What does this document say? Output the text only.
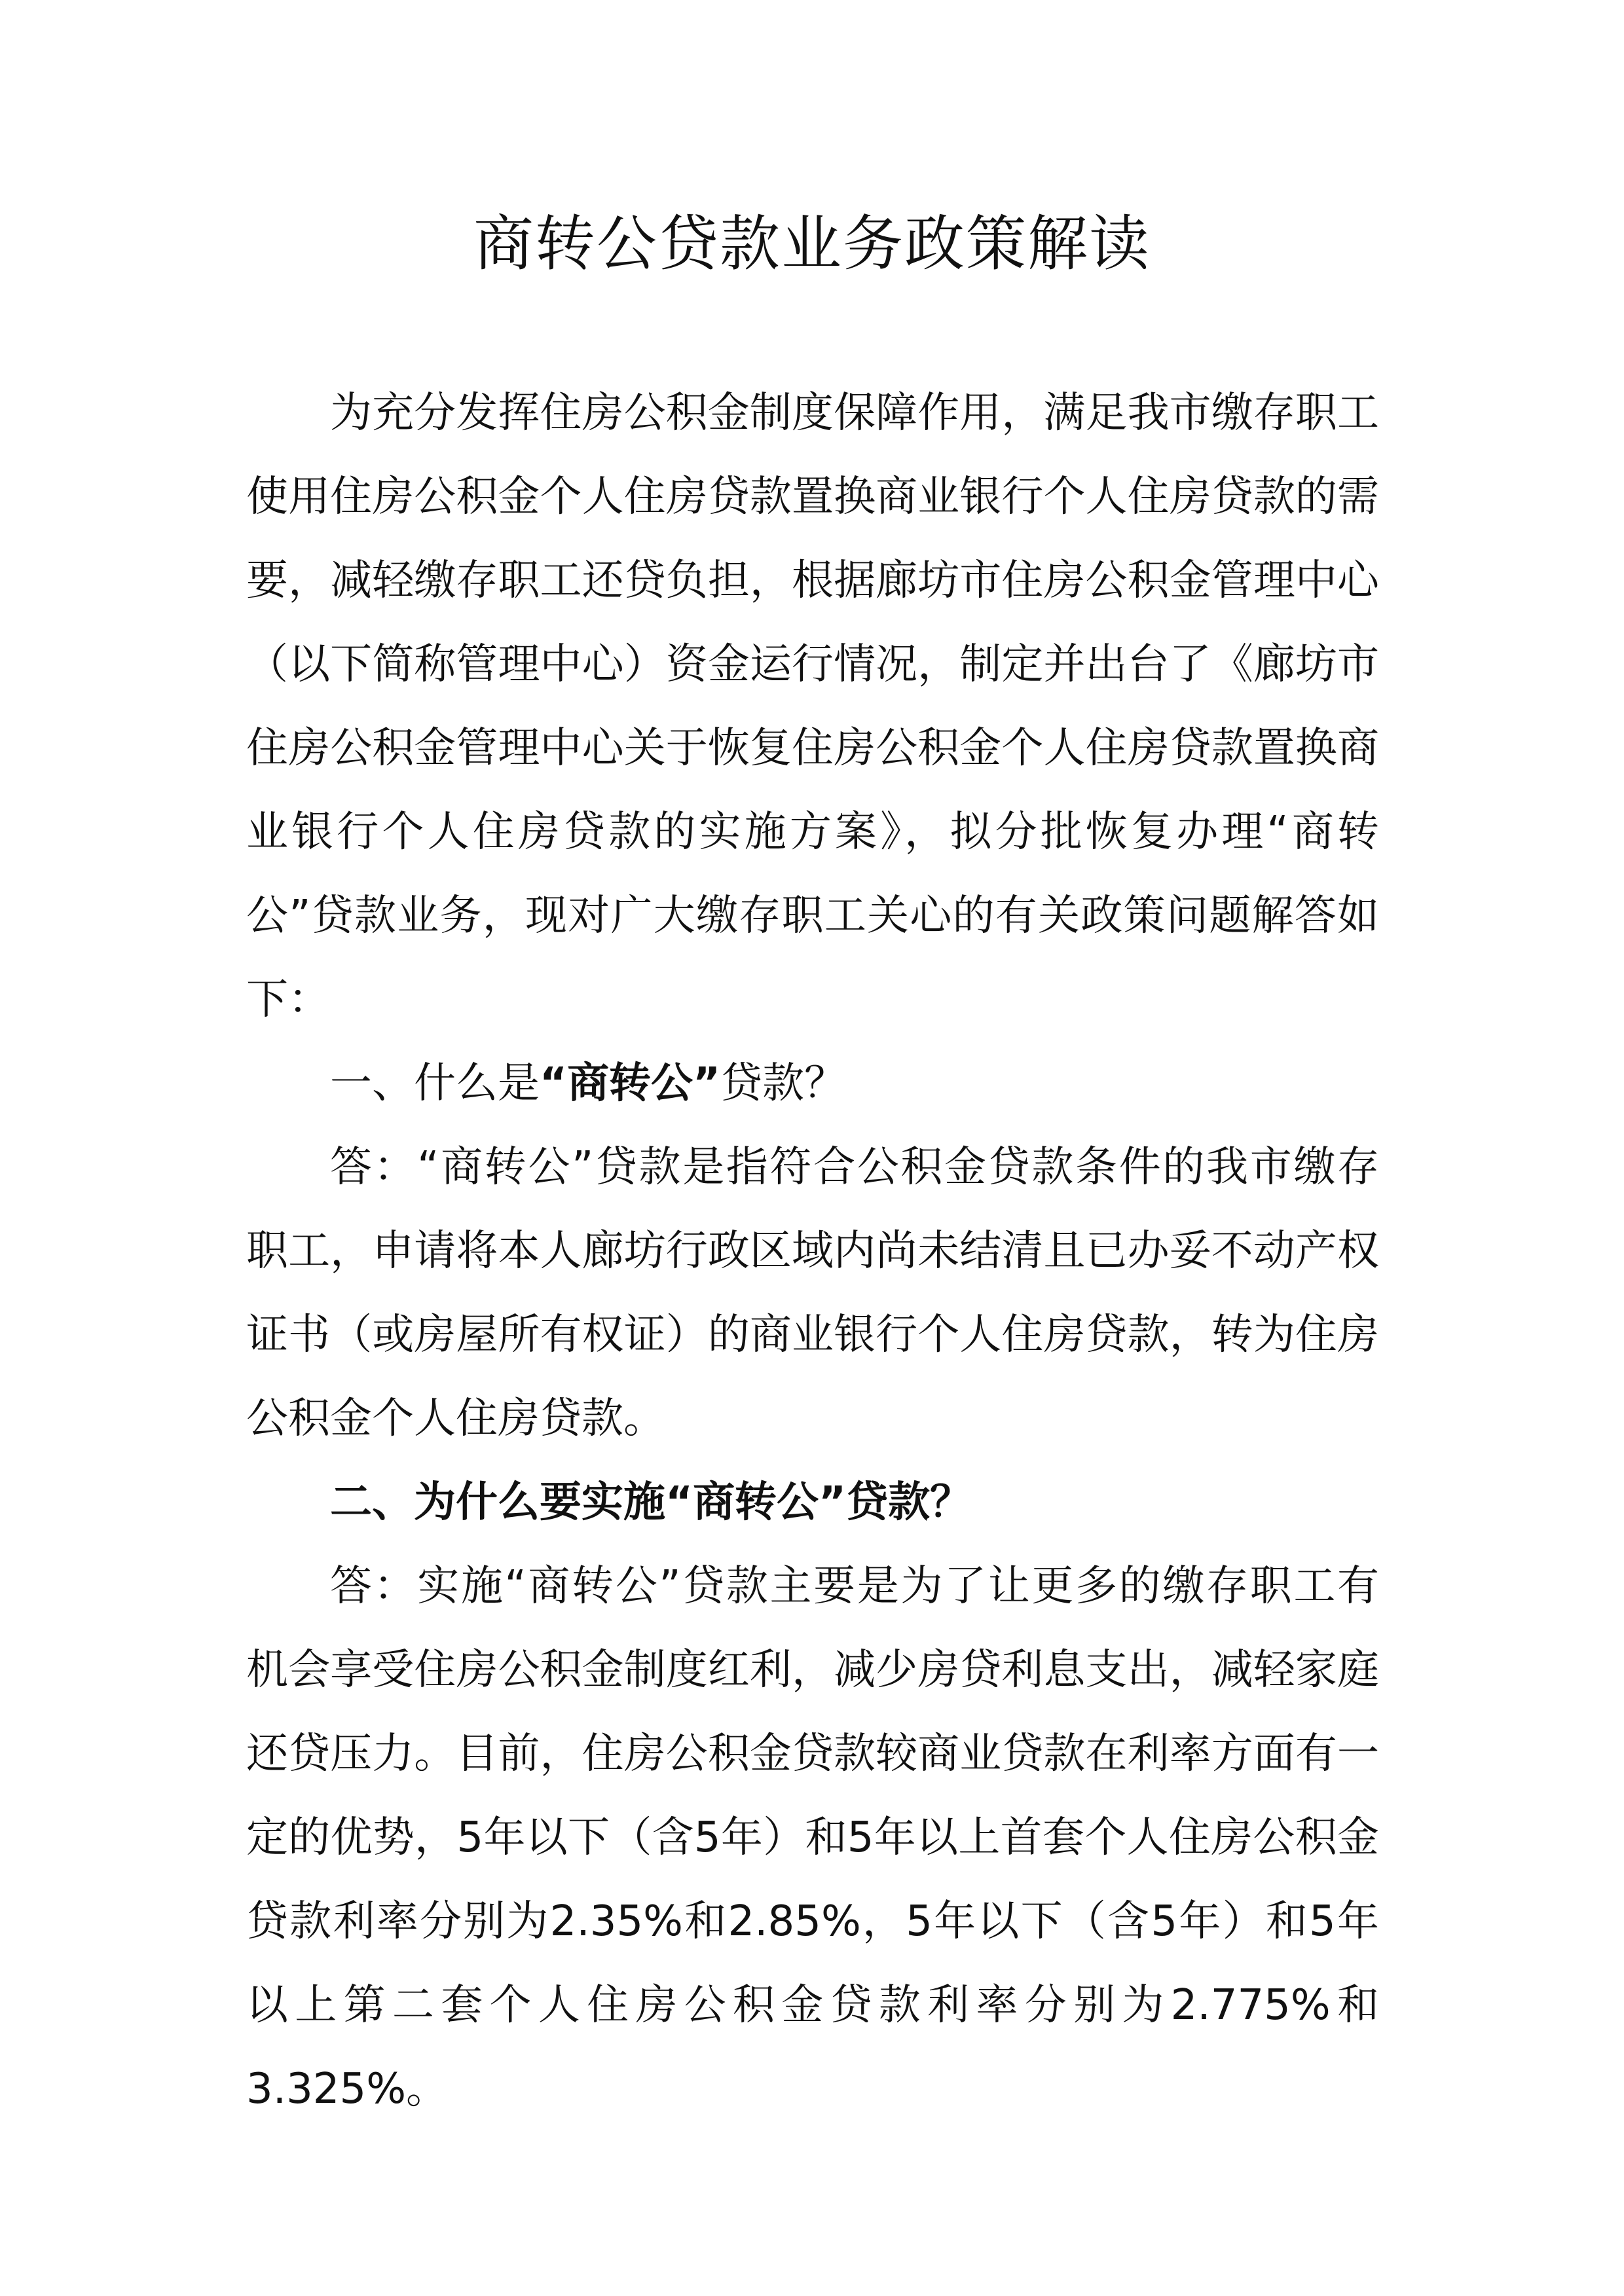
商转公贷款业务政策解读

为充分发挥住房公积金制度保障作用，满足我市缴存职工使用住房公积金个人住房贷款置换商业银行个人住房贷款的需要，减轻缴存职工还贷负担，根据廊坊市住房公积金管理中心（以下简称管理中心）资金运行情况，制定并出台了《廊坊市住房公积金管理中心关于恢复住房公积金个人住房贷款置换商业银行个人住房贷款的实施方案》，拟分批恢复办理“商转公”贷款业务，现对广大缴存职工关心的有关政策问题解答如下：

一、什么是“商转公”贷款？

答：“商转公”贷款是指符合公积金贷款条件的我市缴存职工，申请将本人廊坊行政区域内尚未结清且已办妥不动产权证书（或房屋所有权证）的商业银行个人住房贷款，转为住房公积金个人住房贷款。

二、为什么要实施“商转公”贷款？

答：实施“商转公”贷款主要是为了让更多的缴存职工有机会享受住房公积金制度红利，减少房贷利息支出，减轻家庭还贷压力。目前，住房公积金贷款较商业贷款在利率方面有一定的优势，5年以下（含5年）和5年以上首套个人住房公积金贷款利率分别为2.35%和2.85%，5年以下（含5年）和5年以上第二套个人住房公积金贷款利率分别为2.775%和3.325%。
